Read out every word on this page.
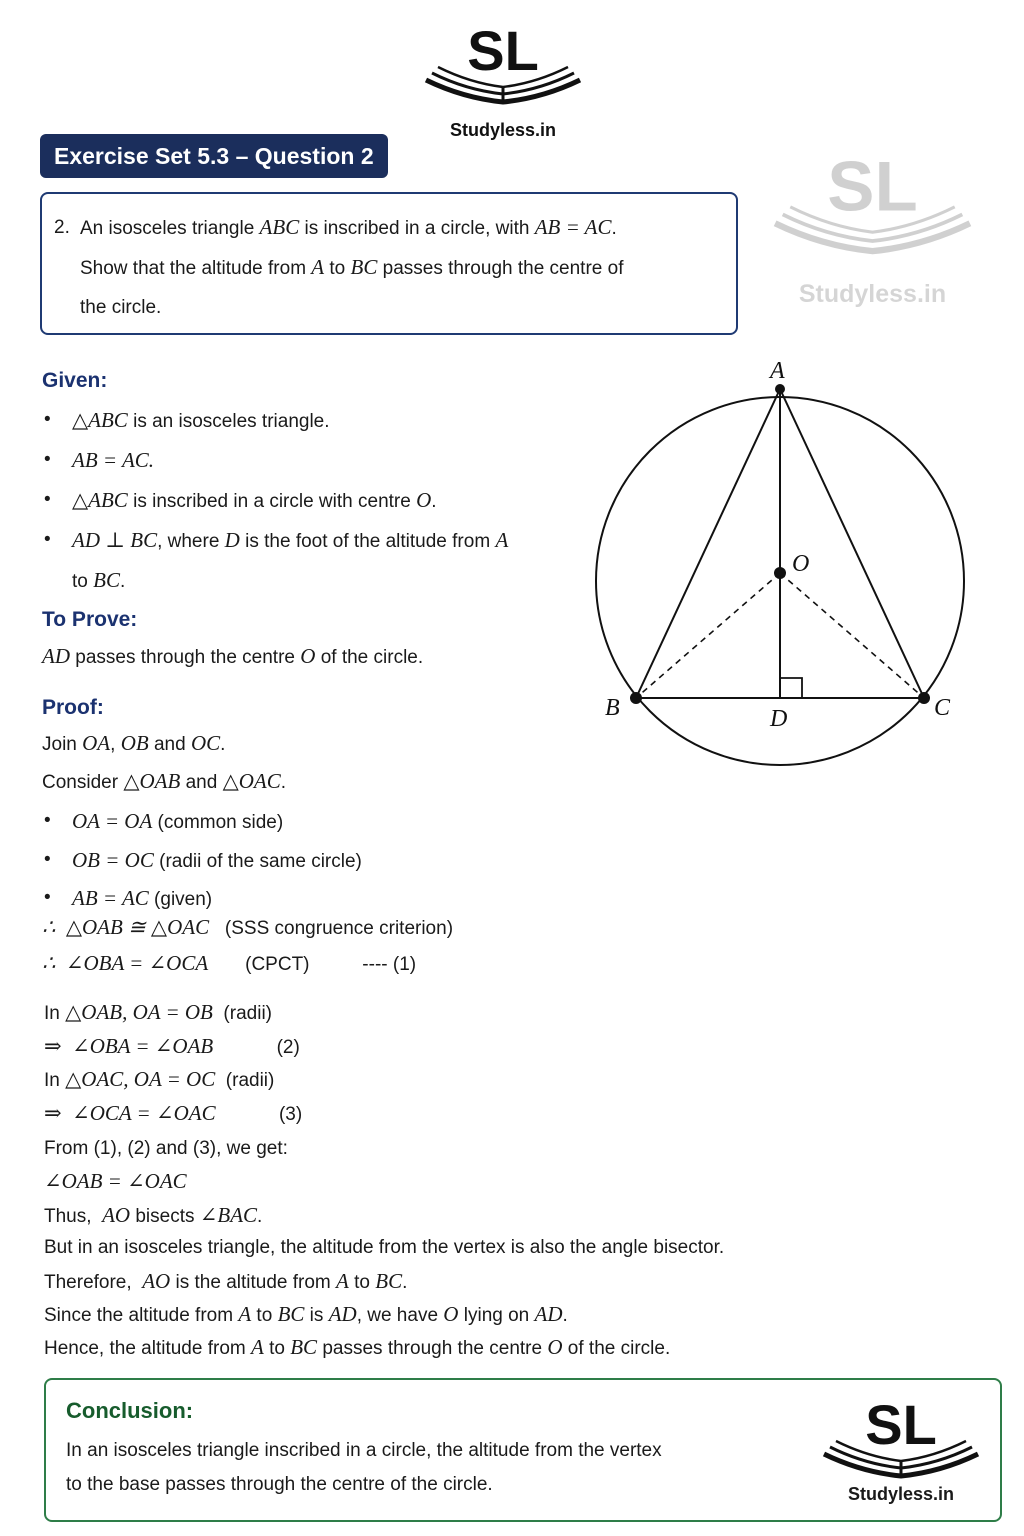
SL
Studyless.in
SL
Studyless.in
Exercise Set 5.3 – Question 2
2. An isosceles triangle ABC is inscribed in a circle, with AB = AC.
Show that the altitude from A to BC passes through the centre of
the circle.
Given:
• △ABC is an isosceles triangle.
• AB = AC.
• △ABC is inscribed in a circle with centre O.
• AD ⊥ BC, where D is the foot of the altitude from A
to BC.
To Prove:
AD passes through the centre O of the circle.
Proof:
Join OA, OB and OC.
Consider △OAB and △OAC.
• OA = OA (common side)
• OB = OC (radii of the same circle)
• AB = AC (given)
∴  △OAB ≅ △OAC   (SSS congruence criterion)
∴  ∠OBA = ∠OCA       (CPCT)          ---- (1)
In △OAB, OA = OB  (radii)
⇒  ∠OBA = ∠OAB            (2)
In △OAC, OA = OC  (radii)
⇒  ∠OCA = ∠OAC            (3)
From (1), (2) and (3), we get:
∠OAB = ∠OAC
Thus,  AO bisects ∠BAC.
But in an isosceles triangle, the altitude from the vertex is also the angle bisector.
Therefore,  AO is the altitude from A to BC.
Since the altitude from A to BC is AD, we have O lying on AD.
Hence, the altitude from A to BC passes through the centre O of the circle.
A
O
B	C
D
Conclusion:
In an isosceles triangle inscribed in a circle, the altitude from the vertex
to the base passes through the centre of the circle.
SL
Studyless.in
